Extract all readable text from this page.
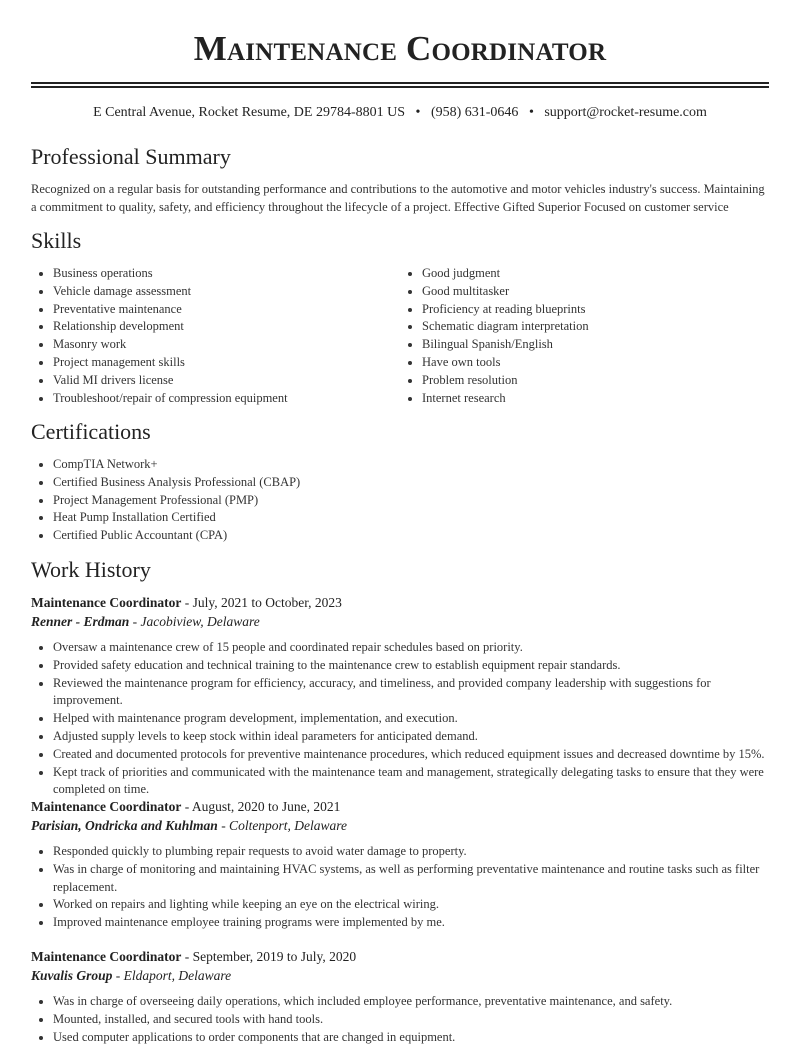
Maintenance Coordinator
E Central Avenue, Rocket Resume, DE 29784-8801 US • (958) 631-0646 • support@rocket-resume.com
Professional Summary

Recognized on a regular basis for outstanding performance and contributions to the automotive and motor vehicles industry's success. Maintaining a commitment to quality, safety, and efficiency throughout the lifecycle of a project. Effective Gifted Superior Focused on customer service

Skills
• Business operations
• Vehicle damage assessment
• Preventative maintenance
• Relationship development
• Masonry work
• Project management skills
• Valid MI drivers license
• Troubleshoot/repair of compression equipment
• Good judgment
• Good multitasker
• Proficiency at reading blueprints
• Schematic diagram interpretation
• Bilingual Spanish/English
• Have own tools
• Problem resolution
• Internet research
Certifications
• CompTIA Network+
• Certified Business Analysis Professional (CBAP)
• Project Management Professional (PMP)
• Heat Pump Installation Certified
• Certified Public Accountant (CPA)
Work History
Maintenance Coordinator - July, 2021 to October, 2023
Renner - Erdman - Jacobiview, Delaware
• Oversaw a maintenance crew of 15 people and coordinated repair schedules based on priority.
• Provided safety education and technical training to the maintenance crew to establish equipment repair standards.
• Reviewed the maintenance program for efficiency, accuracy, and timeliness, and provided company leadership with suggestions for improvement.
• Helped with maintenance program development, implementation, and execution.
• Adjusted supply levels to keep stock within ideal parameters for anticipated demand.
• Created and documented protocols for preventive maintenance procedures, which reduced equipment issues and decreased downtime by 15%.
• Kept track of priorities and communicated with the maintenance team and management, strategically delegating tasks to ensure that they were completed on time.
Maintenance Coordinator - August, 2020 to June, 2021
Parisian, Ondricka and Kuhlman - Coltenport, Delaware
• Responded quickly to plumbing repair requests to avoid water damage to property.
• Was in charge of monitoring and maintaining HVAC systems, as well as performing preventative maintenance and routine tasks such as filter replacement.
• Worked on repairs and lighting while keeping an eye on the electrical wiring.
• Improved maintenance employee training programs were implemented by me.
Maintenance Coordinator - September, 2019 to July, 2020
Kuvalis Group - Eldaport, Delaware
• Was in charge of overseeing daily operations, which included employee performance, preventative maintenance, and safety.
• Mounted, installed, and secured tools with hand tools.
• Used computer applications to order components that are changed in equipment.
